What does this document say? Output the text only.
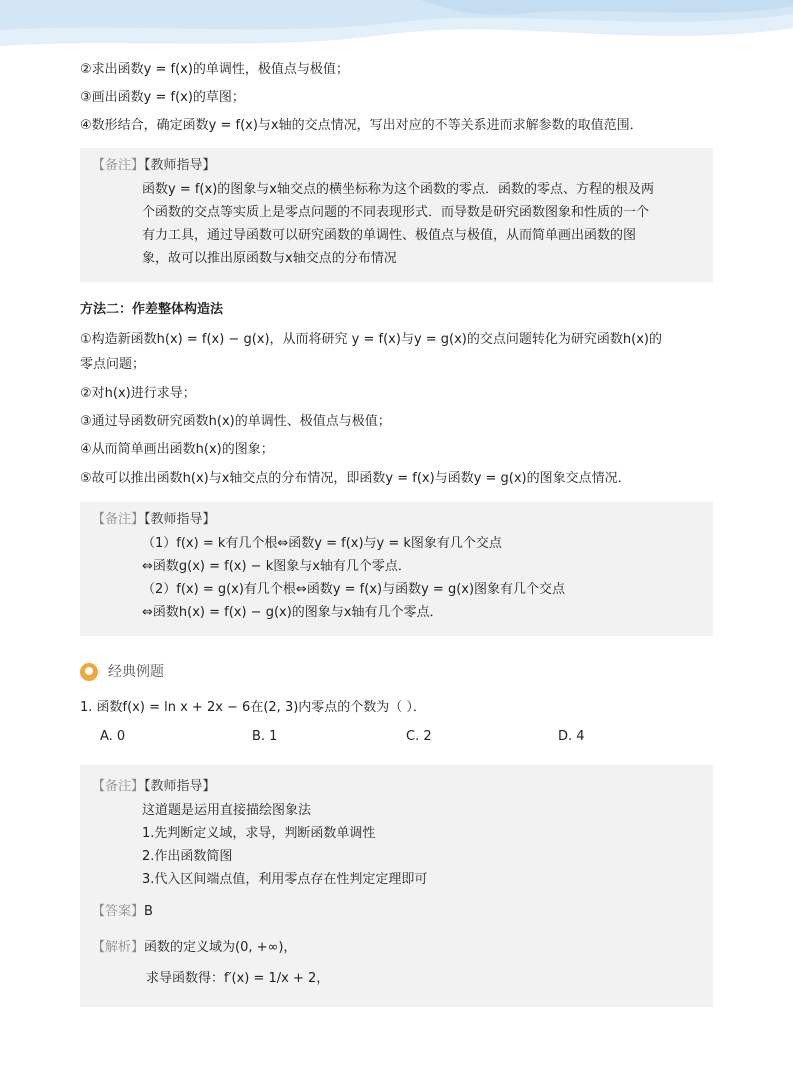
②求出函数y = f(x)的单调性，极值点与极值；
③画出函数y = f(x)的草图；
④数形结合，确定函数y = f(x)与x轴的交点情况，写出对应的不等关系进而求解参数的取值范围．
【备注】【教师指导】
函数y = f(x)的图象与x轴交点的横坐标称为这个函数的零点．函数的零点、方程的根及两
个函数的交点等实质上是零点问题的不同表现形式．而导数是研究函数图象和性质的一个
有力工具，通过导函数可以研究函数的单调性、极值点与极值，从而简单画出函数的图
象，故可以推出原函数与x轴交点的分布情况
方法二：作差整体构造法
①构造新函数h(x) = f(x) − g(x)，从而将研究 y = f(x)与y = g(x)的交点问题转化为研究函数h(x)的
零点问题；
②对h(x)进行求导；
③通过导函数研究函数h(x)的单调性、极值点与极值；
④从而简单画出函数h(x)的图象；
⑤故可以推出函数h(x)与x轴交点的分布情况，即函数y = f(x)与函数y = g(x)的图象交点情况．
【备注】【教师指导】
（1）f(x) = k有几个根⇔函数y = f(x)与y = k图象有几个交点
⇔函数g(x) = f(x) − k图象与x轴有几个零点．
（2）f(x) = g(x)有几个根⇔函数y = f(x)与函数y = g(x)图象有几个交点
⇔函数h(x) = f(x) − g(x)的图象与x轴有几个零点．
经典例题
1. 函数f(x) = ln x + 2x − 6在(2, 3)内零点的个数为（ ）．
A. 0	B. 1	C. 2	D. 4
【备注】【教师指导】
这道题是运用直接描绘图象法
1.先判断定义域，求导，判断函数单调性
2.作出函数简图
3.代入区间端点值，利用零点存在性判定定理即可
【答案】B
【解析】函数的定义域为(0, +∞)，
求导函数得：f′(x) = 1/x + 2，
